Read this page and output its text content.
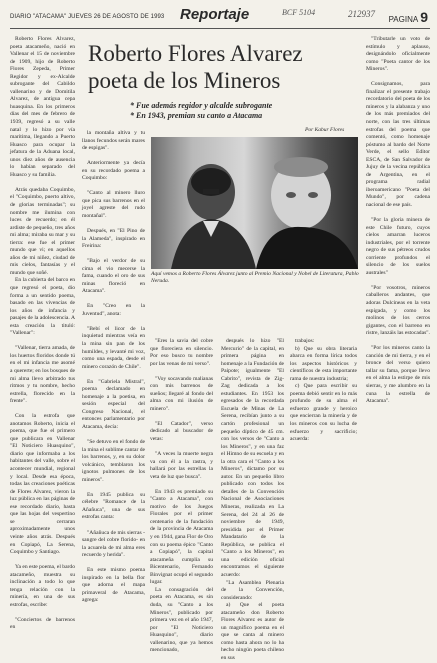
DIARIO "ATACAMA" JUEVES 26 DE AGOSTO DE 1993 Reportaje	BCF 5104	212937
PAGINA 9
Roberto Flores Alvarez
poeta de los Mineros
* Fue además regidor y alcalde subrogante
* En 1943, premian su canto a Atacama
Por Kabur Flores
Aquí vemos a Roberto Flores Álvarez junto al Premio Nacional y Nobel de Literatura, Pablo Neruda.

Roberto Flores Alvarez, poeta atacameño, nació en Vallenar el 15 de noviembre de 1909, hijo de Roberto Flores Zepeda, Primer Regidor y ex-Alcalde subrogante del Cabildo vallenarino y de Domitila Alvarez, de antigua cepa huasquina. En los primeros días del mes de febrero de 1939, regresó a su valle natal y lo hizo por vía marítima, llegando a Puerto Huasco para ocupar la jefatura de la Aduana local, unos diez años de ausencia lo habían separado del Huasco y su familia.

Atrás quedaba Coquimbo, el "Coquimbo, puerto altivo, de glorias terminadas"; su nombre me ilumina con luces de recuerdo; en él ardiste de pequeño, tres años mi alma; miraba su mar y su tierra: ese fue el primer mundo que vi; en aquellos años de mi niñez, ciudad de mis cielos, fantasías y el mundo que soñé.

En la cubierta del barco en que regresó el poeta, dio forma a un sentido poema, basado en las vivencias de los años de infancia y pasajes de la adolescencia. A esta creación la tituló: "Vallenar":

"Vallenar, tierra amada, de los huertos floridos donde tú en el mi infancia me asomé a quererte; en los bosques de mi alma llevo arbitrado tus ritmos y tu nombre, hecho estrella, florecido en la frente".

Con la estrofa que anotamos Roberto, inicia el poema, que fue el primero que publicara en Vallenar "El Noticiero Huasquino", diario que informaba a los habitantes del valle, sobre el acontecer mundial, regional y local. Desde esa época, todas las creaciones poéticas de Flores Alvarez, vieron la luz pública en las páginas de ese recordado diario, hasta que las hojas del vespertino se cerraran aproximadamente unos veinte años atrás. Después en Copiapó, La Serena, Coquimbo y Santiago.

Ya en este poema, el bardo atacameño, muestra su inclinación a todo lo que tenga relación con la minería, en una de sus estrofas, escribe:

"Conciertos de barrenos en

la montaña altiva y tu llanos fecundos serán mares de espigas".

Anteriormente ya decía en su recordado poema a Coquimbo:

"Canto al minero lluro que pica sus barrenos en el joyel agreste del rudo montañal".

Después, en "El Pino de la Alameda", inspirado en Freirina:

"Bajo el verdor de su cima el vio mecerse la fama, cuando el oro de sus minas floreció en Atacama".

En "Creo en la Juventud", anota:

"Bebí el licor de la inquietud mientras veía en la mina sin pan de los humildes, y levanté mi voz, como una espada, desde el minero corazón de Chile".

En "Gabriela Mistral", poema declamado en homenaje a la poetisa, en sesión especial del Congreso Nacional, el entonces parlamentario por Atacama, decía:

"Se detuvo en el fondo de la mina el sublime cantar de los barrenos, y, en su dolor volcánico, temblaron los ignotos pulmones de los mineros".

En 1945 publica su célebre "Romance de la Añañuca", una de sus estrofas canta:

"Añañuca de mis sierras -sangre del cobre florido- en la acuarela de mi alma eres recuerdo y herida".

En este mismo poema inspirado en la bella flor que adorna el mapa primaveral de Atacama, agrega:

"Eres la savia del cobre que floreciera en silencio. Por eso busco tu nombre por las venas de mi verso".

"Voy socavando malianas con mis barrenos de sueños; llegaré al fondo del alma con mi ilusión de minero".

"El Catador", verso dedicado al buscador de vetas:

"A veces la muerte negra va con él a la rastra, y hallará por las estrellas la veta de luz que busca".

En 1943 es premiado su "Canto a Atacama", con motivo de los Juegos Florales por el primer centenario de la fundación de la provincia de Atacama y en 1944, gana Flor de Oro con su poema épico "Canto a Copiapó", la capital atacameña cumplía su Bicentenario, Fernando Binvignat ocupó el segundo lugar.

La consagración del poeta en Atacama, es sin duda, su "Canto a los Mineros", publicado por primera vez en el año 1947, por "El Noticiero Huasquino", diario vallenarino, que ya hemos mencionado,

después lo hizo "El Mercurio" de la capital, en primera página en homenaje a la Fundación de Paipote; igualmente "El Cabrito", revista de Zig-Zag dedicada a los estudiantes. En 1953 los egresados de la recordada Escuela de Minas de La Serena, recibían junto a su cartón profesional un pequeño díptico de 45 cm. con los versos de "Canto a los Mineros", y en una faz el Himno de su escuela y en la otra cara el "Canto a los Mineros", dictamo por su autor. En un pequeño libro publicado con todos los detalles de la Convención Nacional de Asociaciones Mineras, realizada en La Serena, del 24 al 26 de noviembre de 1949, presidida por el Primer Mandatario de la República, se publica el "Canto a los Mineros", en una edición oficial encontramos el siguiente acuerdo:

"La Asamblea Plenaria de la Convención, considerando:

a) Que el poeta atacameño don Roberto Flores Alvarez es autor de un magnífico poema en el que se canta al minero como hasta ahora no lo ha hecho ningún poeta chileno en sus

trabajos:

b) Que su obra literaria abarca en forma lírica todos los aspectos históricos y científicos de esta importante rama de nuestra industria;

c) Que para escribir su poema debió sentir en lo más profundo de su alma el esfuerzo grande y heroico que encierran la minería y de los mineros con su lucha de esfuerzo y sacrificio; acuerda:

"Tributarle un voto de estímulo y aplauso, designándolo oficialmente como "Poeta cantor de los Mineros".

Consignamos, para finalizar el presente trabajo recordatorio del poeta de los mineros y la alabanza y uno de los más premiados del norte, con las tres últimas estrofas del poema que comentó, como homenaje póstumo al bardo del Norte Verde, el sello Editor ESCA, de San Salvador de Jujuy de la vecina república de Argentina, en el programa radial iberoamericano "Poeta del Mundo", por cadena nacional de ese país.

"Por la gloria minera de este Chile futuro, cuyos cielos amarran luceros industriales, por el torrente negro de sus pétreos crudos corriente profundos el silencio de los suelos australes"

"Por vosotros, mineros caballeros andantes, que adoras Dulcineas en la veta espigada, y como los molinos de los cerros gigantes, con el barreno en ristre, lanzáis las estocadas".

"Por los mineros canto la canción de mi tierra, y en el bronce del verso quiero tallar su fama, porque llevo en el alma la estirpe de mis sierras, y me alumbro en la cuna la estrella de Atacama".
